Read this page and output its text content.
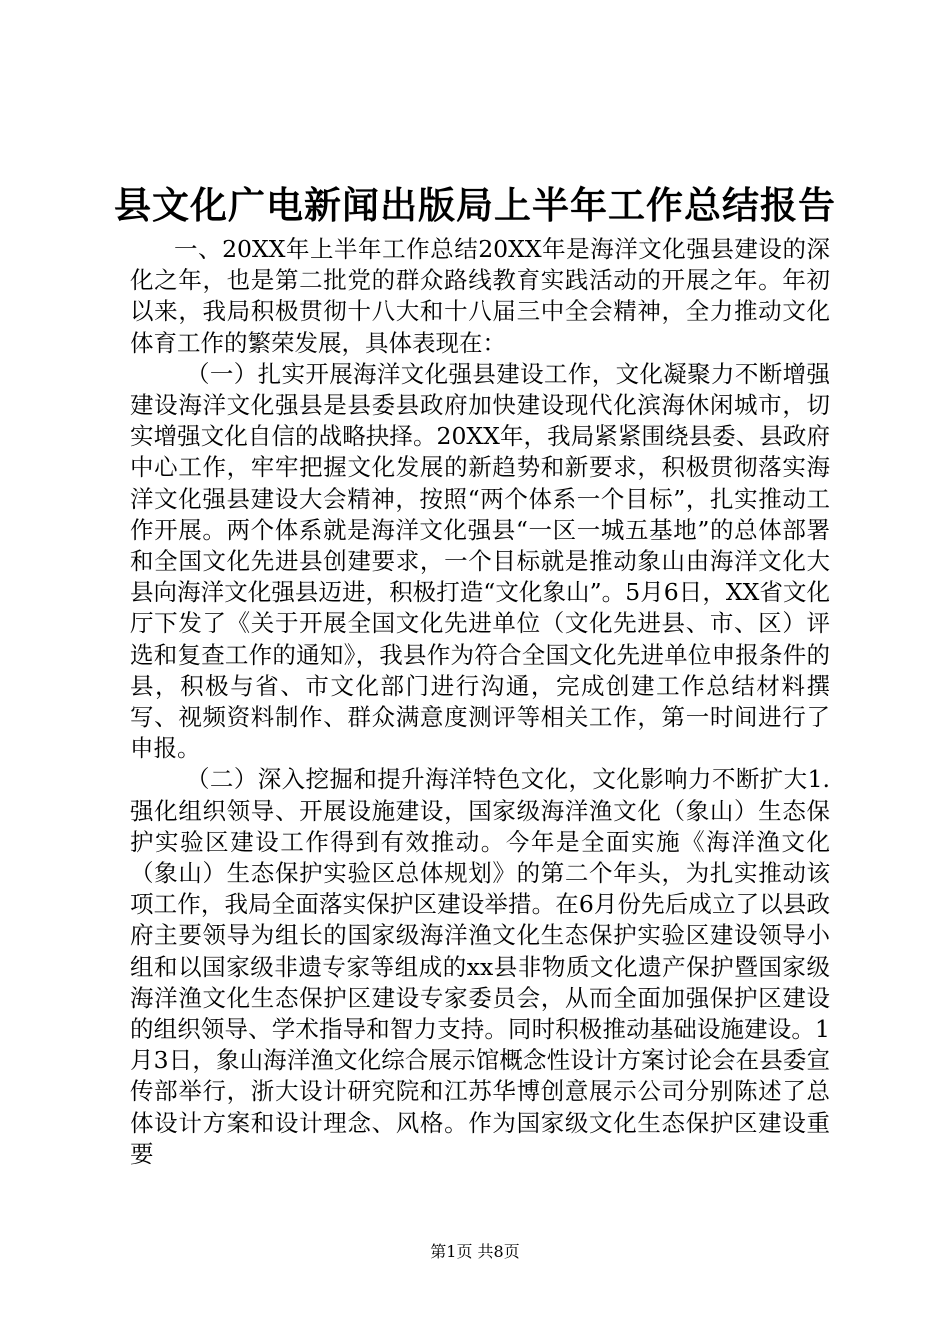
县文化广电新闻出版局上半年工作总结报告

一、20XX年上半年工作总结20XX年是海洋文化强县建设的深化之年，也是第二批党的群众路线教育实践活动的开展之年。年初以来，我局积极贯彻十八大和十八届三中全会精神，全力推动文化体育工作的繁荣发展，具体表现在：

（一）扎实开展海洋文化强县建设工作，文化凝聚力不断增强建设海洋文化强县是县委县政府加快建设现代化滨海休闲城市，切实增强文化自信的战略抉择。20XX年，我局紧紧围绕县委、县政府中心工作，牢牢把握文化发展的新趋势和新要求，积极贯彻落实海洋文化强县建设大会精神，按照“两个体系一个目标”，扎实推动工作开展。两个体系就是海洋文化强县“一区一城五基地”的总体部署和全国文化先进县创建要求，一个目标就是推动象山由海洋文化大县向海洋文化强县迈进，积极打造“文化象山”。5月6日，XX省文化厅下发了《关于开展全国文化先进单位（文化先进县、市、区）评选和复查工作的通知》，我县作为符合全国文化先进单位申报条件的县，积极与省、市文化部门进行沟通，完成创建工作总结材料撰写、视频资料制作、群众满意度测评等相关工作，第一时间进行了申报。

（二）深入挖掘和提升海洋特色文化，文化影响力不断扩大1.强化组织领导、开展设施建设，国家级海洋渔文化（象山）生态保护实验区建设工作得到有效推动。今年是全面实施《海洋渔文化（象山）生态保护实验区总体规划》的第二个年头，为扎实推动该项工作，我局全面落实保护区建设举措。在6月份先后成立了以县政府主要领导为组长的国家级海洋渔文化生态保护实验区建设领导小组和以国家级非遗专家等组成的xx县非物质文化遗产保护暨国家级海洋渔文化生态保护区建设专家委员会，从而全面加强保护区建设的组织领导、学术指导和智力支持。同时积极推动基础设施建设。1月3日，象山海洋渔文化综合展示馆概念性设计方案讨论会在县委宣传部举行，浙大设计研究院和江苏华博创意展示公司分别陈述了总体设计方案和设计理念、风格。作为国家级文化生态保护区建设重要

第1页 共8页
